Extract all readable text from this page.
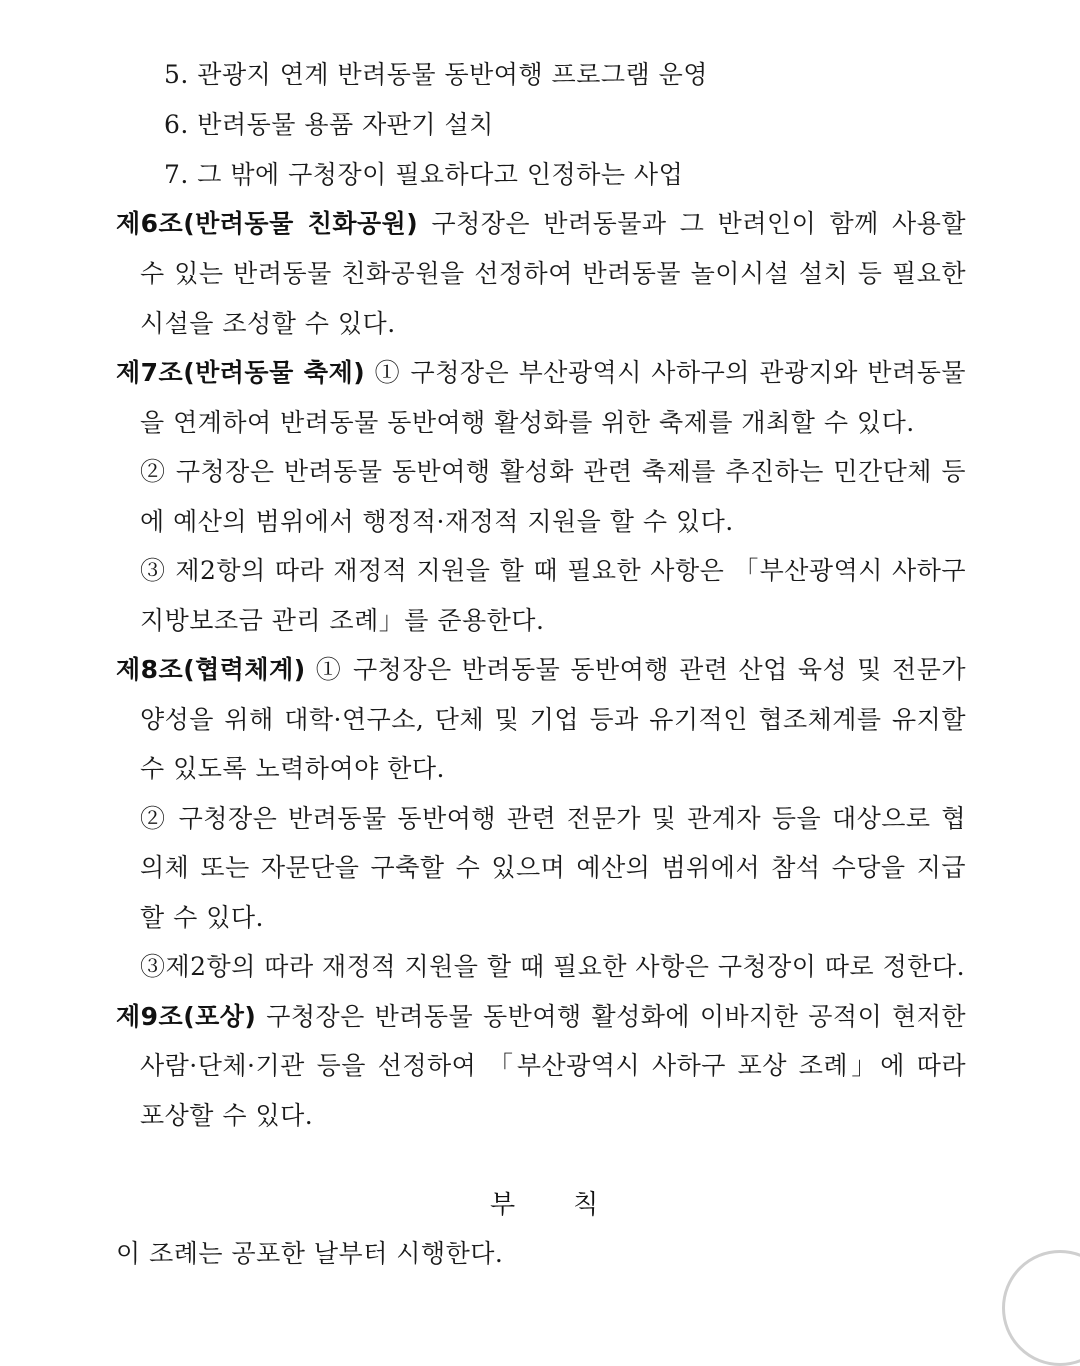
5. 관광지 연계 반려동물 동반여행 프로그램 운영
6. 반려동물 용품 자판기 설치
7. 그 밖에 구청장이 필요하다고 인정하는 사업
제6조(반려동물 친화공원) 구청장은 반려동물과 그 반려인이 함께 사용할
수 있는 반려동물 친화공원을 선정하여 반려동물 놀이시설 설치 등 필요한
시설을 조성할 수 있다.
제7조(반려동물 축제) ① 구청장은 부산광역시 사하구의 관광지와 반려동물
을 연계하여 반려동물 동반여행 활성화를 위한 축제를 개최할 수 있다.
② 구청장은 반려동물 동반여행 활성화 관련 축제를 추진하는 민간단체 등
에 예산의 범위에서 행정적·재정적 지원을 할 수 있다.
③ 제2항의 따라 재정적 지원을 할 때 필요한 사항은 「부산광역시 사하구
지방보조금 관리 조례」를 준용한다.
제8조(협력체계) ① 구청장은 반려동물 동반여행 관련 산업 육성 및 전문가
양성을 위해 대학·연구소, 단체 및 기업 등과 유기적인 협조체계를 유지할
수 있도록 노력하여야 한다.
② 구청장은 반려동물 동반여행 관련 전문가 및 관계자 등을 대상으로 협
의체 또는 자문단을 구축할 수 있으며 예산의 범위에서 참석 수당을 지급
할 수 있다.
③제2항의 따라 재정적 지원을 할 때 필요한 사항은 구청장이 따로 정한다.
제9조(포상) 구청장은 반려동물 동반여행 활성화에 이바지한 공적이 현저한
사람·단체·기관 등을 선정하여 「부산광역시 사하구 포상 조례」에 따라
포상할 수 있다.
부 칙
이 조례는 공포한 날부터 시행한다.
